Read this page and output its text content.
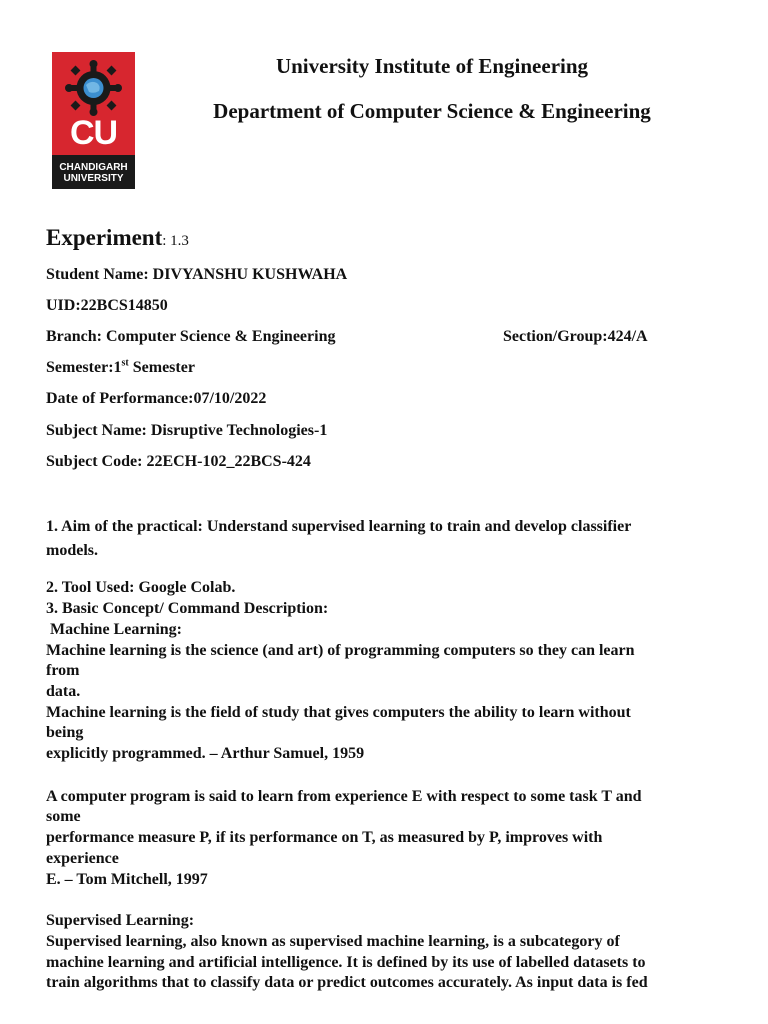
CU
CHANDIGARH
UNIVERSITY
University Institute of Engineering
Department of Computer Science & Engineering
Experiment: 1.3
Student Name: DIVYANSHU KUSHWAHA
UID:22BCS14850
Branch: Computer Science & Engineering	Section/Group:424/A
Semester:1st Semester
Date of Performance:07/10/2022
Subject Name: Disruptive Technologies-1
Subject Code: 22ECH-102_22BCS-424
1. Aim of the practical: Understand supervised learning to train and develop classifier
models.
2. Tool Used: Google Colab.
3. Basic Concept/ Command Description:
Machine Learning:
Machine learning is the science (and art) of programming computers so they can learn
from
data.
Machine learning is the field of study that gives computers the ability to learn without
being
explicitly programmed. – Arthur Samuel, 1959
A computer program is said to learn from experience E with respect to some task T and
some
performance measure P, if its performance on T, as measured by P, improves with
experience
E. – Tom Mitchell, 1997
Supervised Learning:
Supervised learning, also known as supervised machine learning, is a subcategory of
machine learning and artificial intelligence. It is defined by its use of labelled datasets to
train algorithms that to classify data or predict outcomes accurately. As input data is fed
